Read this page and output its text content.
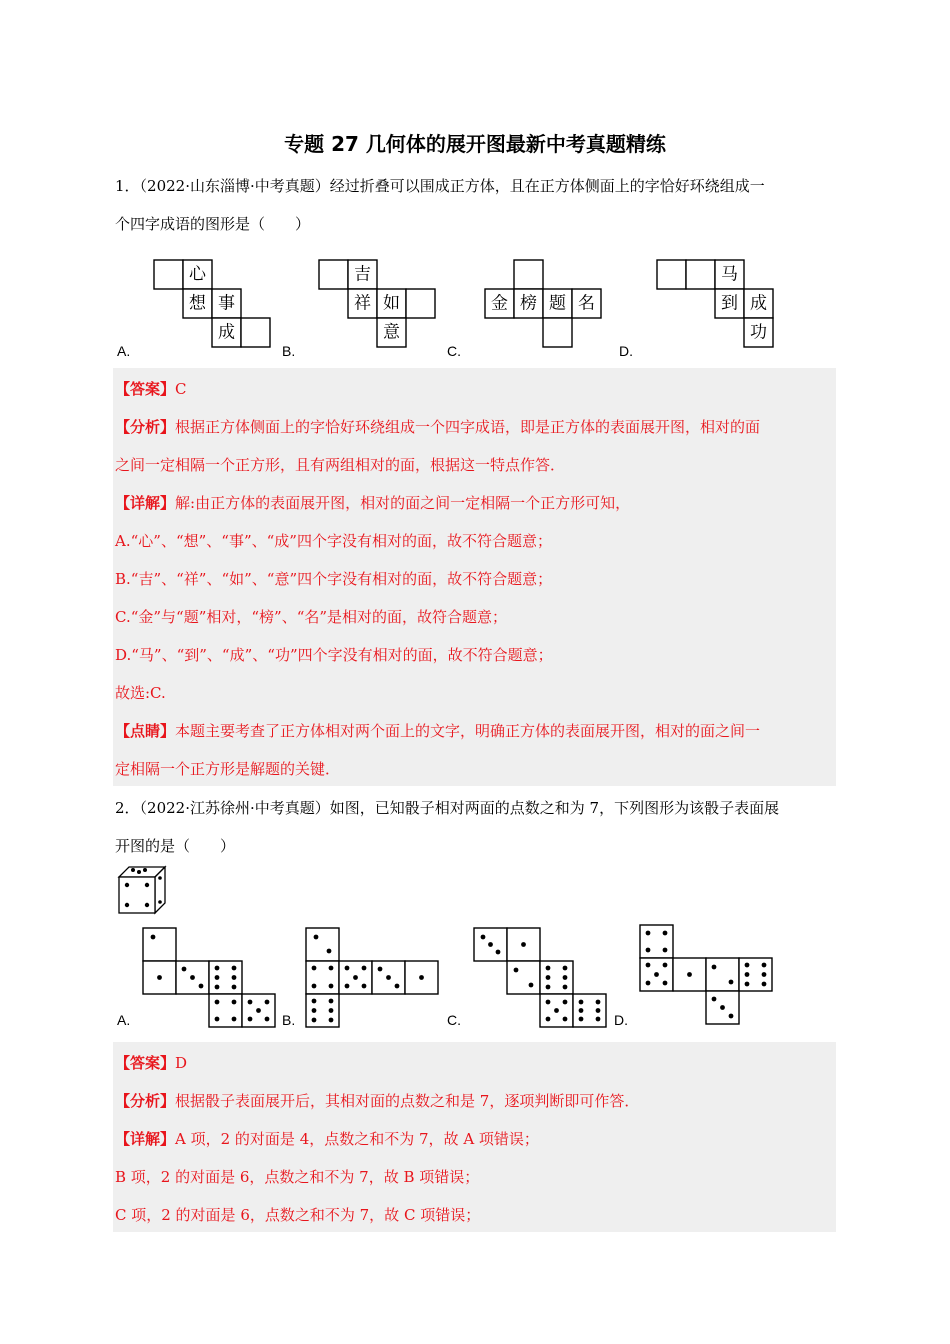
专题 27 几何体的展开图最新中考真题精练
1．（2022·山东淄博·中考真题）经过折叠可以围成正方体，且在正方体侧面上的字恰好环绕组成一
个四字成语的图形是（　　）
心
想 事
成
A.
吉
祥 如
意
B.
金 榜 题 名
C.
马
到 成
功
D.
【答案】C
【分析】根据正方体侧面上的字恰好环绕组成一个四字成语，即是正方体的表面展开图，相对的面
之间一定相隔一个正方形，且有两组相对的面，根据这一特点作答．
【详解】解:由正方体的表面展开图，相对的面之间一定相隔一个正方形可知，
A.“心”、“想”、“事”、“成”四个字没有相对的面，故不符合题意；
B.“吉”、“祥”、“如”、“意”四个字没有相对的面，故不符合题意；
C.“金”与“题”相对，“榜”、“名”是相对的面，故符合题意；
D.“马”、“到”、“成”、“功”四个字没有相对的面，故不符合题意；
故选:C.
【点睛】本题主要考查了正方体相对两个面上的文字，明确正方体的表面展开图，相对的面之间一
定相隔一个正方形是解题的关键．
2．（2022·江苏徐州·中考真题）如图，已知骰子相对两面的点数之和为 7，下列图形为该骰子表面展
开图的是（　　）
A.	B.	C.	D.
【答案】D
【分析】根据骰子表面展开后，其相对面的点数之和是 7，逐项判断即可作答．
【详解】A 项，2 的对面是 4，点数之和不为 7，故 A 项错误；
B 项，2 的对面是 6，点数之和不为 7，故 B 项错误；
C 项，2 的对面是 6，点数之和不为 7，故 C 项错误；
